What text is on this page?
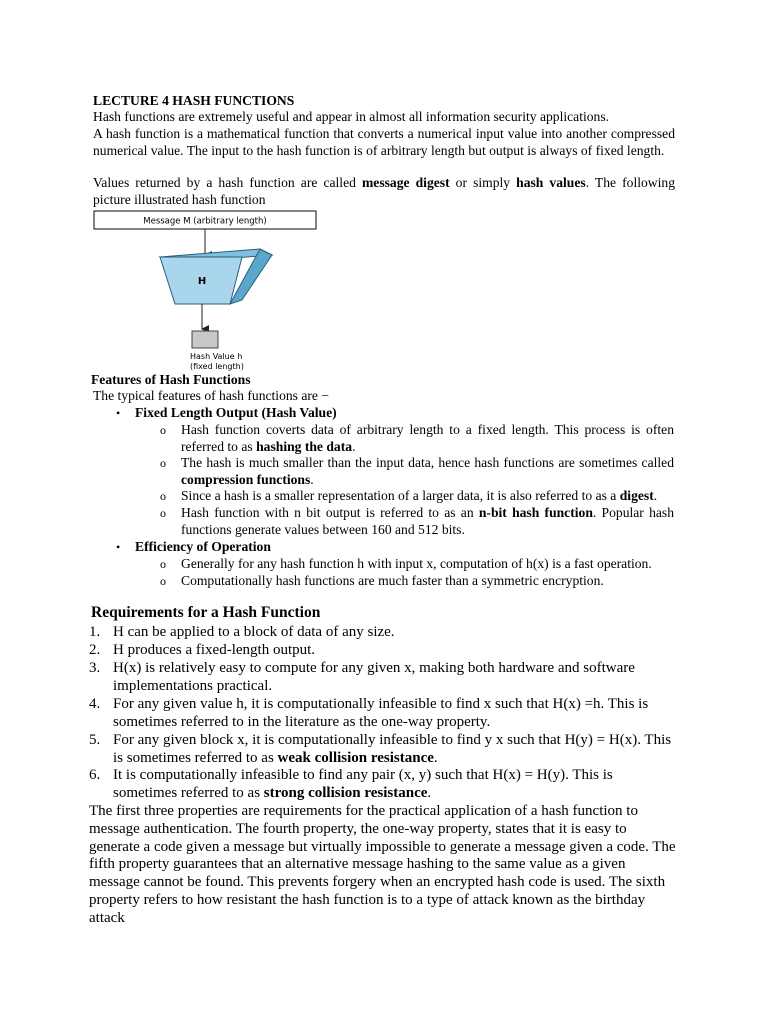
LECTURE 4 HASH FUNCTIONS
Hash functions are extremely useful and appear in almost all information security applications.
A hash function is a mathematical function that converts a numerical input value into another compressed numerical value. The input to the hash function is of arbitrary length but output is always of fixed length.
Values returned by a hash function are called message digest or simply hash values. The following picture illustrated hash function
Message M (arbitrary length)
H
Hash Value h
(fixed length)
Features of Hash Functions
The typical features of hash functions are −
• Fixed Length Output (Hash Value)
o Hash function coverts data of arbitrary length to a fixed length. This process is often referred to as hashing the data.
o The hash is much smaller than the input data, hence hash functions are sometimes called compression functions.
o Since a hash is a smaller representation of a larger data, it is also referred to as a digest.
o Hash function with n bit output is referred to as an n-bit hash function. Popular hash functions generate values between 160 and 512 bits.
• Efficiency of Operation
o Generally for any hash function h with input x, computation of h(x) is a fast operation.
o Computationally hash functions are much faster than a symmetric encryption.
Requirements for a Hash Function
1. H can be applied to a block of data of any size.
2. H produces a fixed-length output.
3. H(x) is relatively easy to compute for any given x, making both hardware and software implementations practical.
4. For any given value h, it is computationally infeasible to find x such that H(x) =h. This is sometimes referred to in the literature as the one-way property.
5. For any given block x, it is computationally infeasible to find y x such that H(y) = H(x). This is sometimes referred to as weak collision resistance.
6. It is computationally infeasible to find any pair (x, y) such that H(x) = H(y). This is sometimes referred to as strong collision resistance.
The first three properties are requirements for the practical application of a hash function to message authentication. The fourth property, the one-way property, states that it is easy to generate a code given a message but virtually impossible to generate a message given a code. The fifth property guarantees that an alternative message hashing to the same value as a given message cannot be found. This prevents forgery when an encrypted hash code is used. The sixth property refers to how resistant the hash function is to a type of attack known as the birthday attack
